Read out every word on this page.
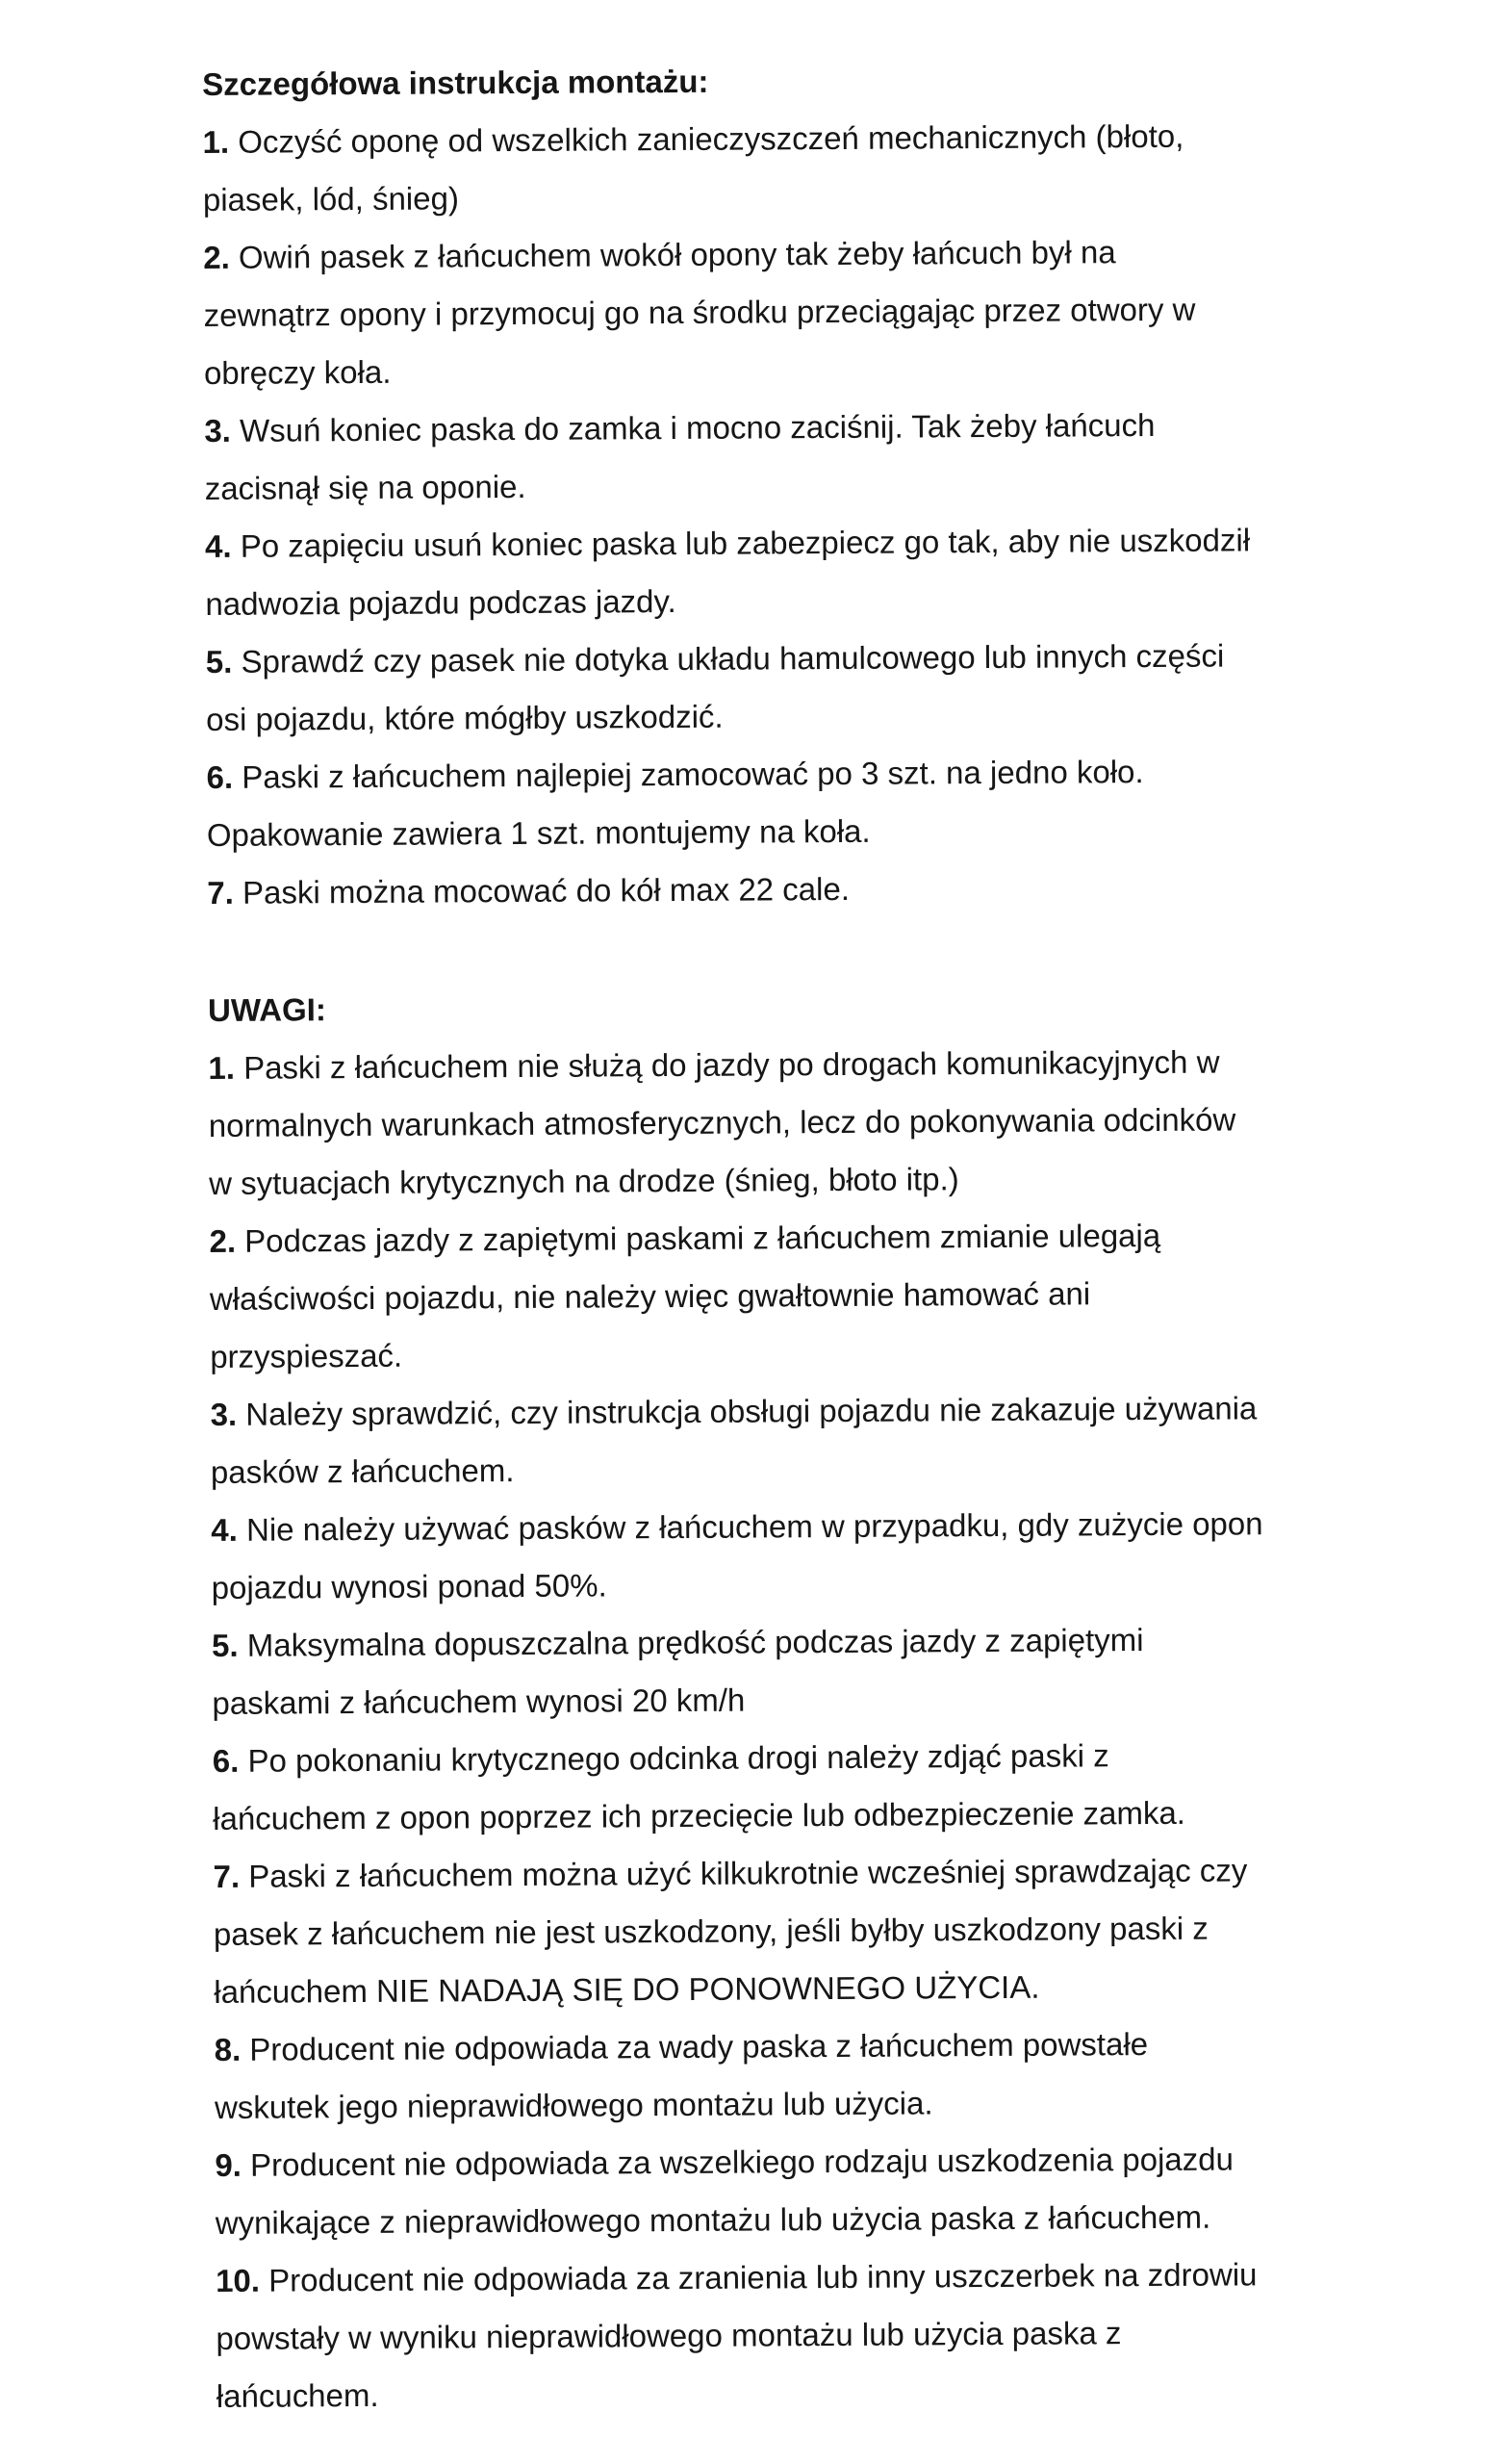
Szczegółowa instrukcja montażu:

1. Oczyść oponę od wszelkich zanieczyszczeń mechanicznych (błoto,

piasek, lód, śnieg)

2. Owiń pasek z łańcuchem wokół opony tak żeby łańcuch był na

zewnątrz opony i przymocuj go na środku przeciągając przez otwory w

obręczy koła.

3. Wsuń koniec paska do zamka i mocno zaciśnij. Tak żeby łańcuch

zacisnął się na oponie.

4. Po zapięciu usuń koniec paska lub zabezpiecz go tak, aby nie uszkodził

nadwozia pojazdu podczas jazdy.

5. Sprawdź czy pasek nie dotyka układu hamulcowego lub innych części

osi pojazdu, które mógłby uszkodzić.

6. Paski z łańcuchem najlepiej zamocować po 3 szt. na jedno koło.

Opakowanie zawiera 1 szt. montujemy na koła.

7. Paski można mocować do kół max 22 cale.

UWAGI:

1. Paski z łańcuchem nie służą do jazdy po drogach komunikacyjnych w

normalnych warunkach atmosferycznych, lecz do pokonywania odcinków

w sytuacjach krytycznych na drodze (śnieg, błoto itp.)

2. Podczas jazdy z zapiętymi paskami z łańcuchem zmianie ulegają

właściwości pojazdu, nie należy więc gwałtownie hamować ani

przyspieszać.

3. Należy sprawdzić, czy instrukcja obsługi pojazdu nie zakazuje używania

pasków z łańcuchem.

4. Nie należy używać pasków z łańcuchem w przypadku, gdy zużycie opon

pojazdu wynosi ponad 50%.

5. Maksymalna dopuszczalna prędkość podczas jazdy z zapiętymi

paskami z łańcuchem wynosi 20 km/h

6. Po pokonaniu krytycznego odcinka drogi należy zdjąć paski z

łańcuchem z opon poprzez ich przecięcie lub odbezpieczenie zamka.

7. Paski z łańcuchem można użyć kilkukrotnie wcześniej sprawdzając czy

pasek z łańcuchem nie jest uszkodzony, jeśli byłby uszkodzony paski z

łańcuchem NIE NADAJĄ SIĘ DO PONOWNEGO UŻYCIA.

8. Producent nie odpowiada za wady paska z łańcuchem powstałe

wskutek jego nieprawidłowego montażu lub użycia.

9. Producent nie odpowiada za wszelkiego rodzaju uszkodzenia pojazdu

wynikające z nieprawidłowego montażu lub użycia paska z łańcuchem.

10. Producent nie odpowiada za zranienia lub inny uszczerbek na zdrowiu

powstały w wyniku nieprawidłowego montażu lub użycia paska z

łańcuchem.
